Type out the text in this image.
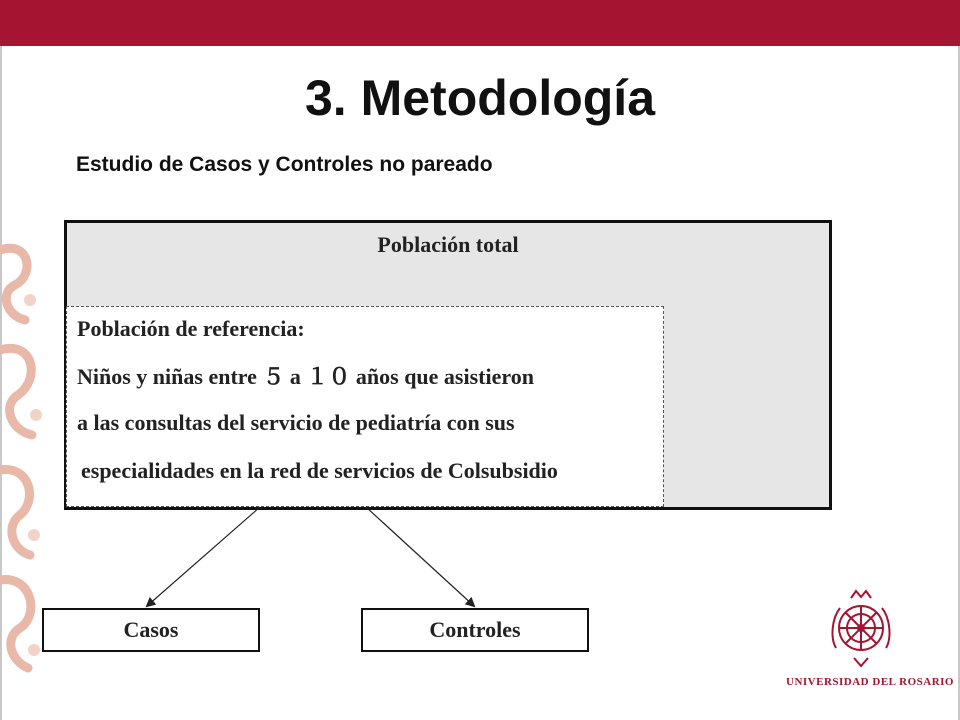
3. Metodología
Estudio de Casos y Controles no pareado
Población total
Población de referencia:
Niños y niñas entre ５ a １０ años que asistieron
a las consultas del servicio de pediatría con sus
especialidades en la red de servicios de Colsubsidio
Casos	Controles
UNIVERSIDAD DEL ROSARIO
